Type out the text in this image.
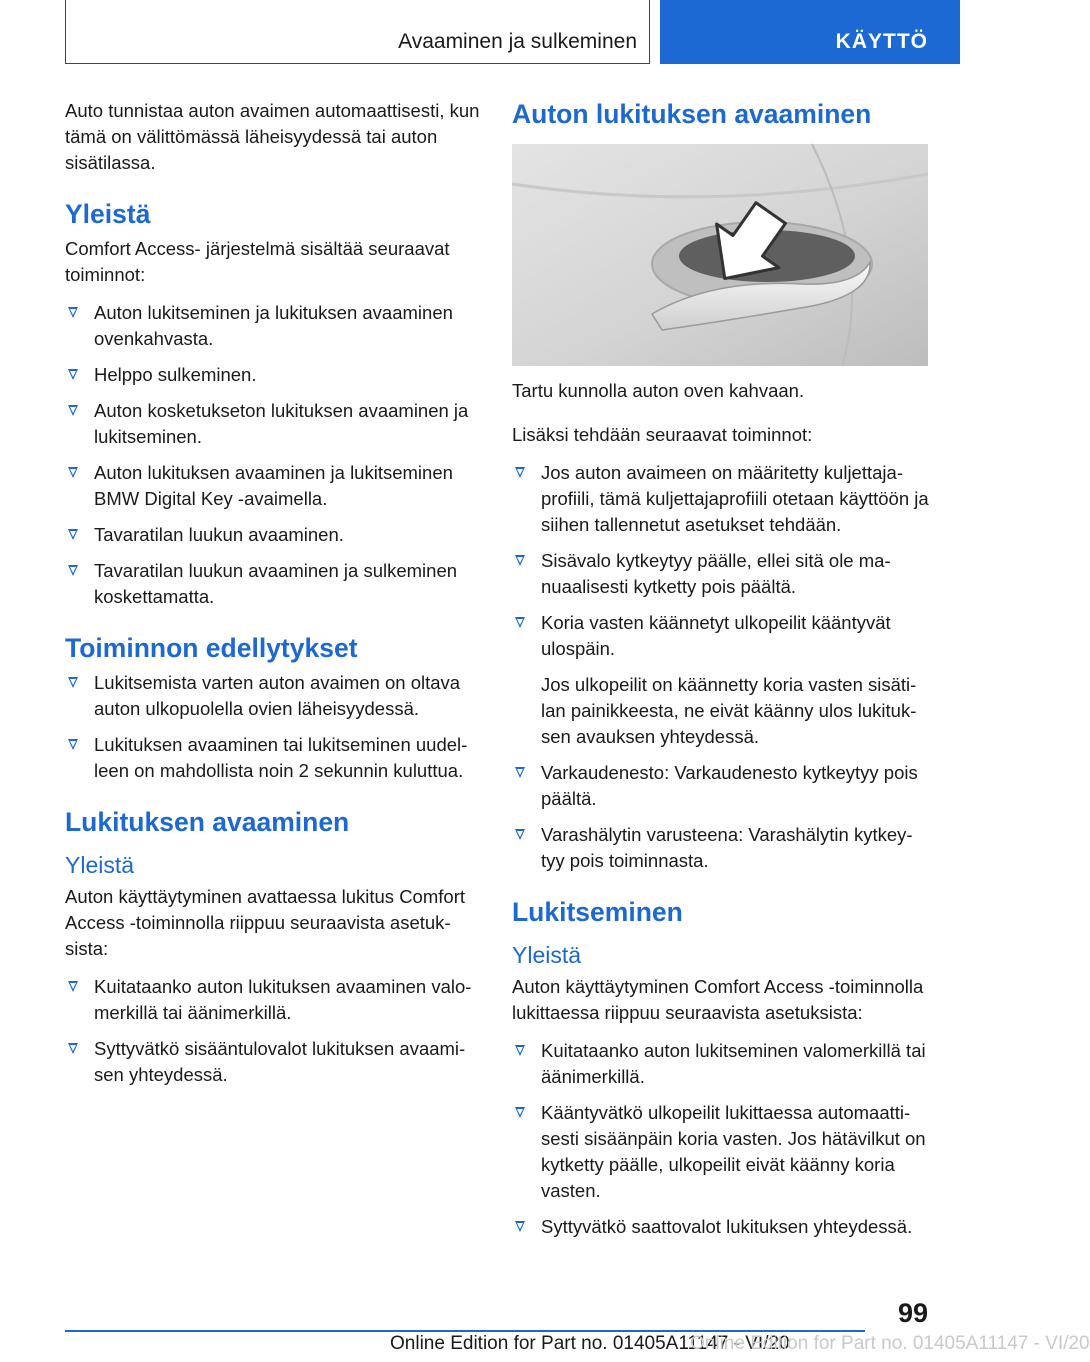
Avaaminen ja sulkeminen	KÄYTTÖ

Auto tunnistaa auton avaimen automaattisesti, kun tämä on välittömässä läheisyydessä tai auton sisätilassa.

Yleistä

Comfort Access- järjestelmä sisältää seuraavat toiminnot:

Auton lukitseminen ja lukituksen avaaminen ovenkahvasta.
Helppo sulkeminen.
Auton kosketukseton lukituksen avaaminen ja lukitseminen.
Auton lukituksen avaaminen ja lukitseminen BMW Digital Key -avaimella.
Tavaratilan luukun avaaminen.
Tavaratilan luukun avaaminen ja sulkeminen koskettamatta.
Toiminnon edellytykset
Lukitsemista varten auton avaimen on oltava auton ulkopuolella ovien läheisyydessä.
Lukituksen avaaminen tai lukitseminen uudelleen on mahdollista noin 2 sekunnin kuluttua.
Lukituksen avaaminen
Yleistä

Auton käyttäytyminen avattaessa lukitus Comfort Access -toiminnolla riippuu seuraavista asetuksista:

Kuitataanko auton lukituksen avaaminen valomerkillä tai äänimerkillä.
Syttyvätkö sisääntulovalot lukituksen avaamisen yhteydessä.
Auton lukituksen avaaminen

Tartu kunnolla auton oven kahvaan.

Lisäksi tehdään seuraavat toiminnot:

Jos auton avaimeen on määritetty kuljettajaprofiili, tämä kuljettajaprofiili otetaan käyttöön ja siihen tallennetut asetukset tehdään.
Sisävalo kytkeytyy päälle, ellei sitä ole manuaalisesti kytketty pois päältä.
Koria vasten käännetyt ulkopeilit kääntyvät ulospäin.
Jos ulkopeilit on käännetty koria vasten sisätilan painikkeesta, ne eivät käänny ulos lukituksen avauksen yhteydessä.
Varkaudenesto: Varkaudenesto kytkeytyy pois päältä.
Varashälytin varusteena: Varashälytin kytkeytyy pois toiminnasta.
Lukitseminen
Yleistä

Auton käyttäytyminen Comfort Access -toiminnolla lukittaessa riippuu seuraavista asetuksista:

Kuitataanko auton lukitseminen valomerkillä tai äänimerkillä.
Kääntyvätkö ulkopeilit lukittaessa automaattisesti sisäänpäin koria vasten. Jos hätävilkut on kytketty päälle, ulkopeilit eivät käänny koria vasten.
Syttyvätkö saattovalot lukituksen yhteydessä.
99
Online Edition for Part no. 01405A11147 - VI/20
Online Edition for Part no. 01405A11147 - VI/20
